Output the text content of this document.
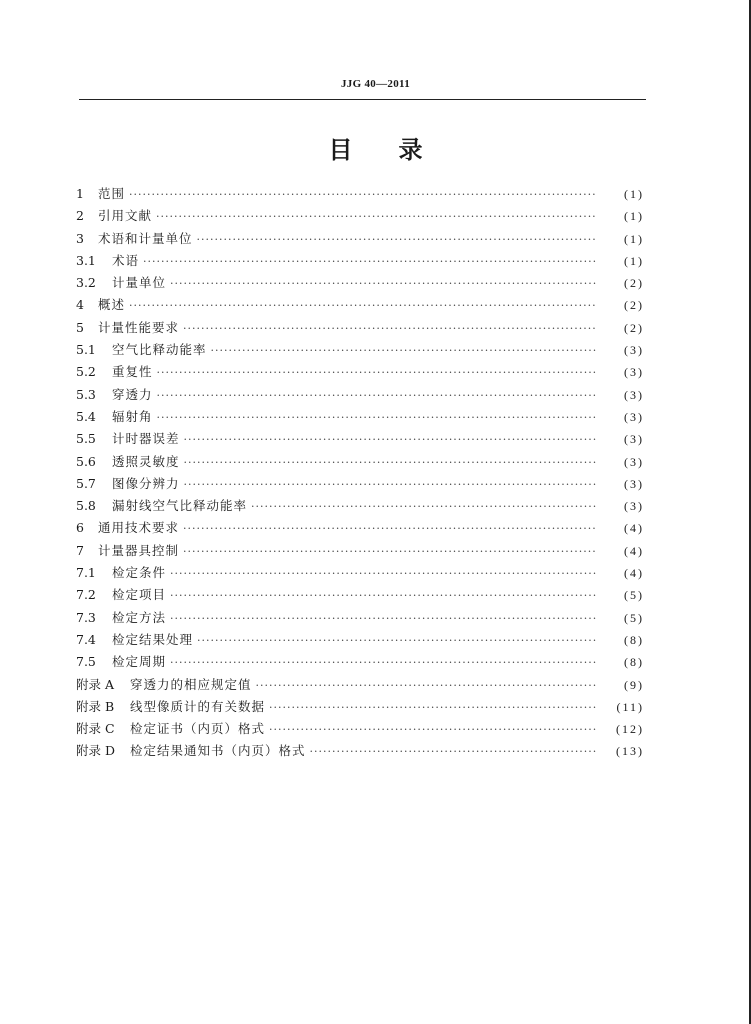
JJG 40—2011
目录
1	范围 ·····	(1)
2	引用文献 ·····	(1)
3	术语和计量单位 ·····	(1)
3.1	术语 ·····	(1)
3.2	计量单位 ·····	(2)
4	概述 ·····	(2)
5	计量性能要求 ·····	(2)
5.1	空气比释动能率 ·····	(3)
5.2	重复性 ·····	(3)
5.3	穿透力 ·····	(3)
5.4	辐射角 ·····	(3)
5.5	计时器误差 ·····	(3)
5.6	透照灵敏度 ·····	(3)
5.7	图像分辨力 ·····	(3)
5.8	漏射线空气比释动能率 ·····	(3)
6	通用技术要求 ·····	(4)
7	计量器具控制 ·····	(4)
7.1	检定条件 ·····	(4)
7.2	检定项目 ·····	(5)
7.3	检定方法 ·····	(5)
7.4	检定结果处理 ·····	(8)
7.5	检定周期 ·····	(8)
附录 A	穿透力的相应规定值 ·····	(9)
附录 B	线型像质计的有关数据 ·····	(11)
附录 C	检定证书（内页）格式 ·····	(12)
附录 D	检定结果通知书（内页）格式 ·····	(13)
